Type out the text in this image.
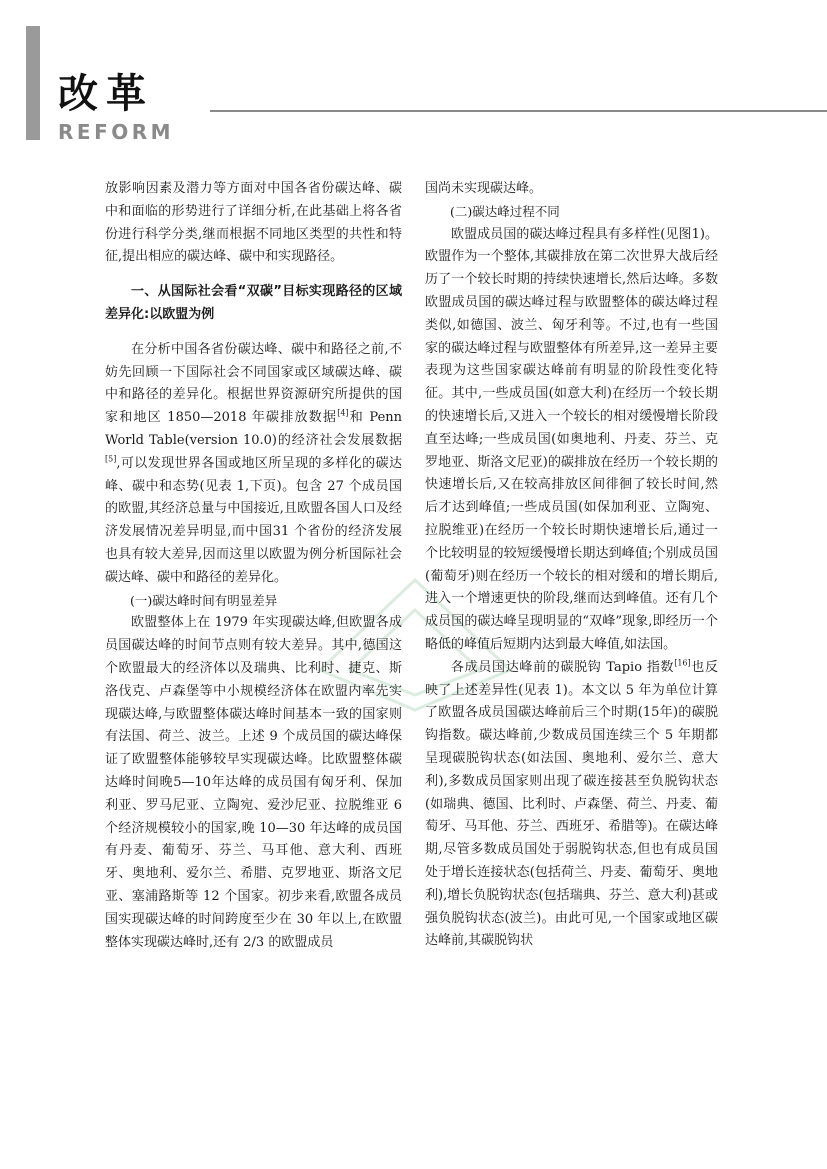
改革
REFORM

放影响因素及潜力等方面对中国各省份碳达峰、碳中和面临的形势进行了详细分析,在此基础上将各省份进行科学分类,继而根据不同地区类型的共性和特征,提出相应的碳达峰、碳中和实现路径。

一、从国际社会看“双碳”目标实现路径的区域差异化:以欧盟为例

在分析中国各省份碳达峰、碳中和路径之前,不妨先回顾一下国际社会不同国家或区域碳达峰、碳中和路径的差异化。根据世界资源研究所提供的国家和地区 1850—2018 年碳排放数据[4]和 Penn World Table(version 10.0)的经济社会发展数据[5],可以发现世界各国或地区所呈现的多样化的碳达峰、碳中和态势(见表 1,下页)。包含 27 个成员国的欧盟,其经济总量与中国接近,且欧盟各国人口及经济发展情况差异明显,而中国31 个省份的经济发展也具有较大差异,因而这里以欧盟为例分析国际社会碳达峰、碳中和路径的差异化。

(一)碳达峰时间有明显差异

欧盟整体上在 1979 年实现碳达峰,但欧盟各成员国碳达峰的时间节点则有较大差异。其中,德国这个欧盟最大的经济体以及瑞典、比利时、捷克、斯洛伐克、卢森堡等中小规模经济体在欧盟内率先实现碳达峰,与欧盟整体碳达峰时间基本一致的国家则有法国、荷兰、波兰。上述 9 个成员国的碳达峰保证了欧盟整体能够较早实现碳达峰。比欧盟整体碳达峰时间晚5—10年达峰的成员国有匈牙利、保加利亚、罗马尼亚、立陶宛、爱沙尼亚、拉脱维亚 6 个经济规模较小的国家,晚 10—30 年达峰的成员国有丹麦、葡萄牙、芬兰、马耳他、意大利、西班牙、奥地利、爱尔兰、希腊、克罗地亚、斯洛文尼亚、塞浦路斯等 12 个国家。初步来看,欧盟各成员国实现碳达峰的时间跨度至少在 30 年以上,在欧盟整体实现碳达峰时,还有 2/3 的欧盟成员

国尚未实现碳达峰。

(二)碳达峰过程不同

欧盟成员国的碳达峰过程具有多样性(见图1)。欧盟作为一个整体,其碳排放在第二次世界大战后经历了一个较长时期的持续快速增长,然后达峰。多数欧盟成员国的碳达峰过程与欧盟整体的碳达峰过程类似,如德国、波兰、匈牙利等。不过,也有一些国家的碳达峰过程与欧盟整体有所差异,这一差异主要表现为这些国家碳达峰前有明显的阶段性变化特征。其中,一些成员国(如意大利)在经历一个较长期的快速增长后,又进入一个较长的相对缓慢增长阶段直至达峰;一些成员国(如奥地利、丹麦、芬兰、克罗地亚、斯洛文尼亚)的碳排放在经历一个较长期的快速增长后,又在较高排放区间徘徊了较长时间,然后才达到峰值;一些成员国(如保加利亚、立陶宛、拉脱维亚)在经历一个较长时期快速增长后,通过一个比较明显的较短缓慢增长期达到峰值;个别成员国(葡萄牙)则在经历一个较长的相对缓和的增长期后,进入一个增速更快的阶段,继而达到峰值。还有几个成员国的碳达峰呈现明显的“双峰”现象,即经历一个略低的峰值后短期内达到最大峰值,如法国。

各成员国达峰前的碳脱钩 Tapio 指数[16]也反映了上述差异性(见表 1)。本文以 5 年为单位计算了欧盟各成员国碳达峰前后三个时期(15年)的碳脱钩指数。碳达峰前,少数成员国连续三个 5 年期都呈现碳脱钩状态(如法国、奥地利、爱尔兰、意大利),多数成员国家则出现了碳连接甚至负脱钩状态(如瑞典、德国、比利时、卢森堡、荷兰、丹麦、葡萄牙、马耳他、芬兰、西班牙、希腊等)。在碳达峰期,尽管多数成员国处于弱脱钩状态,但也有成员国处于增长连接状态(包括荷兰、丹麦、葡萄牙、奥地利),增长负脱钩状态(包括瑞典、芬兰、意大利)甚或强负脱钩状态(波兰)。由此可见,一个国家或地区碳达峰前,其碳脱钩状
